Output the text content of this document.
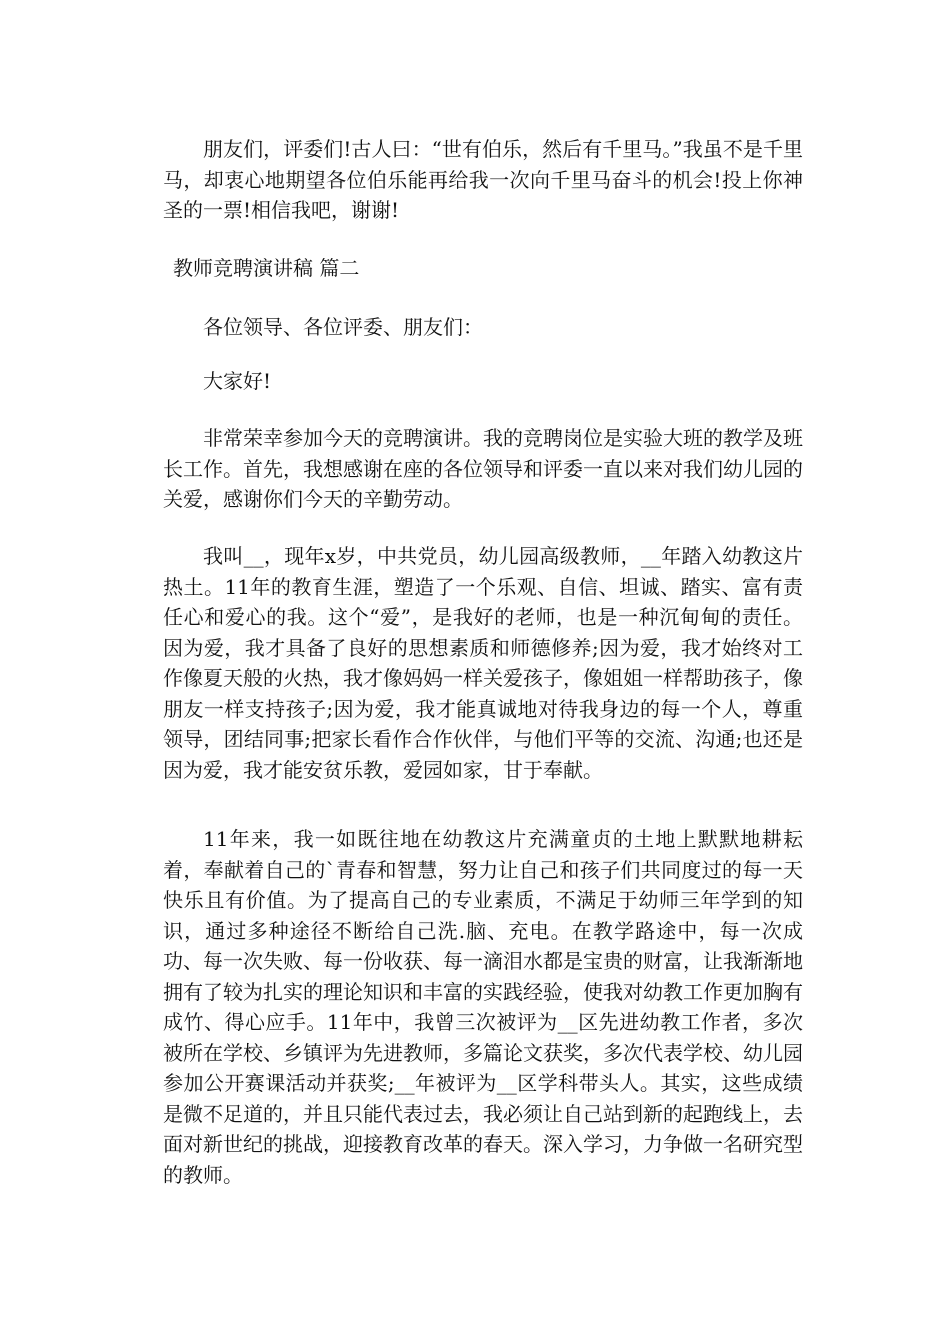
朋友们，评委们!古人曰：“世有伯乐，然后有千里马。”我虽不是千里马，却衷心地期望各位伯乐能再给我一次向千里马奋斗的机会!投上你神圣的一票!相信我吧，谢谢!

教师竞聘演讲稿 篇二

各位领导、各位评委、朋友们：

大家好!

非常荣幸参加今天的竞聘演讲。我的竞聘岗位是实验大班的教学及班长工作。首先，我想感谢在座的各位领导和评委一直以来对我们幼儿园的关爱，感谢你们今天的辛勤劳动。

我叫__，现年x岁，中共党员，幼儿园高级教师，__年踏入幼教这片热土。11年的教育生涯，塑造了一个乐观、自信、坦诚、踏实、富有责任心和爱心的我。这个“爱”，是我好的老师，也是一种沉甸甸的责任。因为爱，我才具备了良好的思想素质和师德修养;因为爱，我才始终对工作像夏天般的火热，我才像妈妈一样关爱孩子，像姐姐一样帮助孩子，像朋友一样支持孩子;因为爱，我才能真诚地对待我身边的每一个人，尊重领导，团结同事;把家长看作合作伙伴，与他们平等的交流、沟通;也还是因为爱，我才能安贫乐教，爱园如家，甘于奉献。

11年来，我一如既往地在幼教这片充满童贞的土地上默默地耕耘着，奉献着自己的`青春和智慧，努力让自己和孩子们共同度过的每一天快乐且有价值。为了提高自己的专业素质，不满足于幼师三年学到的知识，通过多种途径不断给自己洗.脑、充电。在教学路途中，每一次成功、每一次失败、每一份收获、每一滴泪水都是宝贵的财富，让我渐渐地拥有了较为扎实的理论知识和丰富的实践经验，使我对幼教工作更加胸有成竹、得心应手。11年中，我曾三次被评为__区先进幼教工作者，多次被所在学校、乡镇评为先进教师，多篇论文获奖，多次代表学校、幼儿园参加公开赛课活动并获奖;__年被评为__区学科带头人。其实，这些成绩是微不足道的，并且只能代表过去，我必须让自己站到新的起跑线上，去面对新世纪的挑战，迎接教育改革的春天。深入学习，力争做一名研究型的教师。
